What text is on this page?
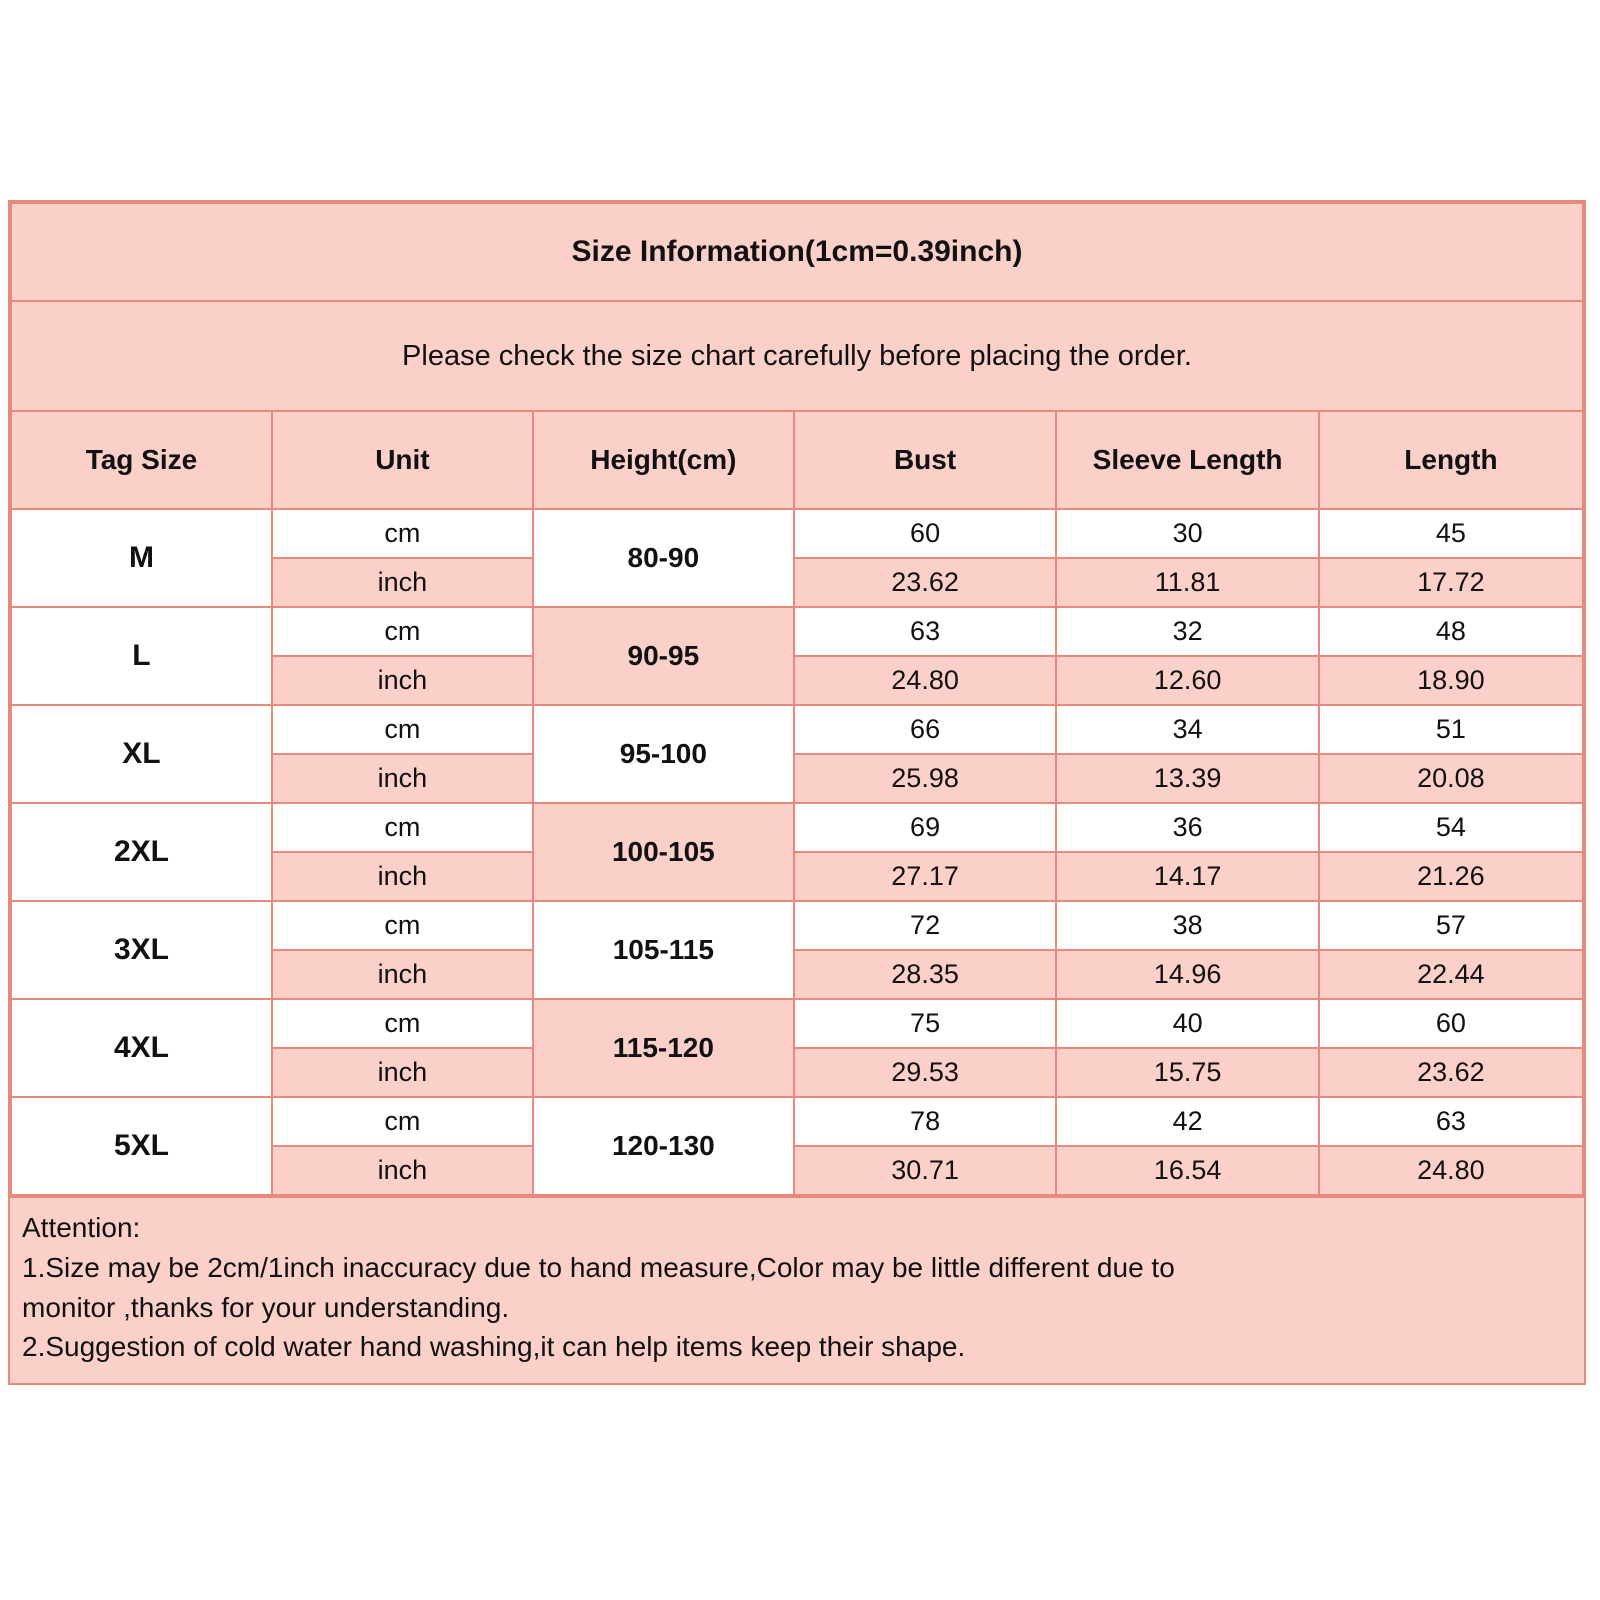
Size Information(1cm=0.39inch)					
Please check the size chart carefully before placing the order.					
Tag Size	Unit	Height(cm)	Bust	Sleeve Length	Length
M	cm	80-90	60	30	45
	inch		23.62	11.81	17.72
L	cm	90-95	63	32	48
	inch		24.80	12.60	18.90
XL	cm	95-100	66	34	51
	inch		25.98	13.39	20.08
2XL	cm	100-105	69	36	54
	inch		27.17	14.17	21.26
3XL	cm	105-115	72	38	57
	inch		28.35	14.96	22.44
4XL	cm	115-120	75	40	60
	inch		29.53	15.75	23.62
5XL	cm	120-130	78	42	63
	inch		30.71	16.54	24.80

Attention:

1.Size may be 2cm/1inch inaccuracy due to hand measure,Color may be little different due to

monitor ,thanks for your understanding.

2.Suggestion of cold water hand washing,it can help items keep their shape.
